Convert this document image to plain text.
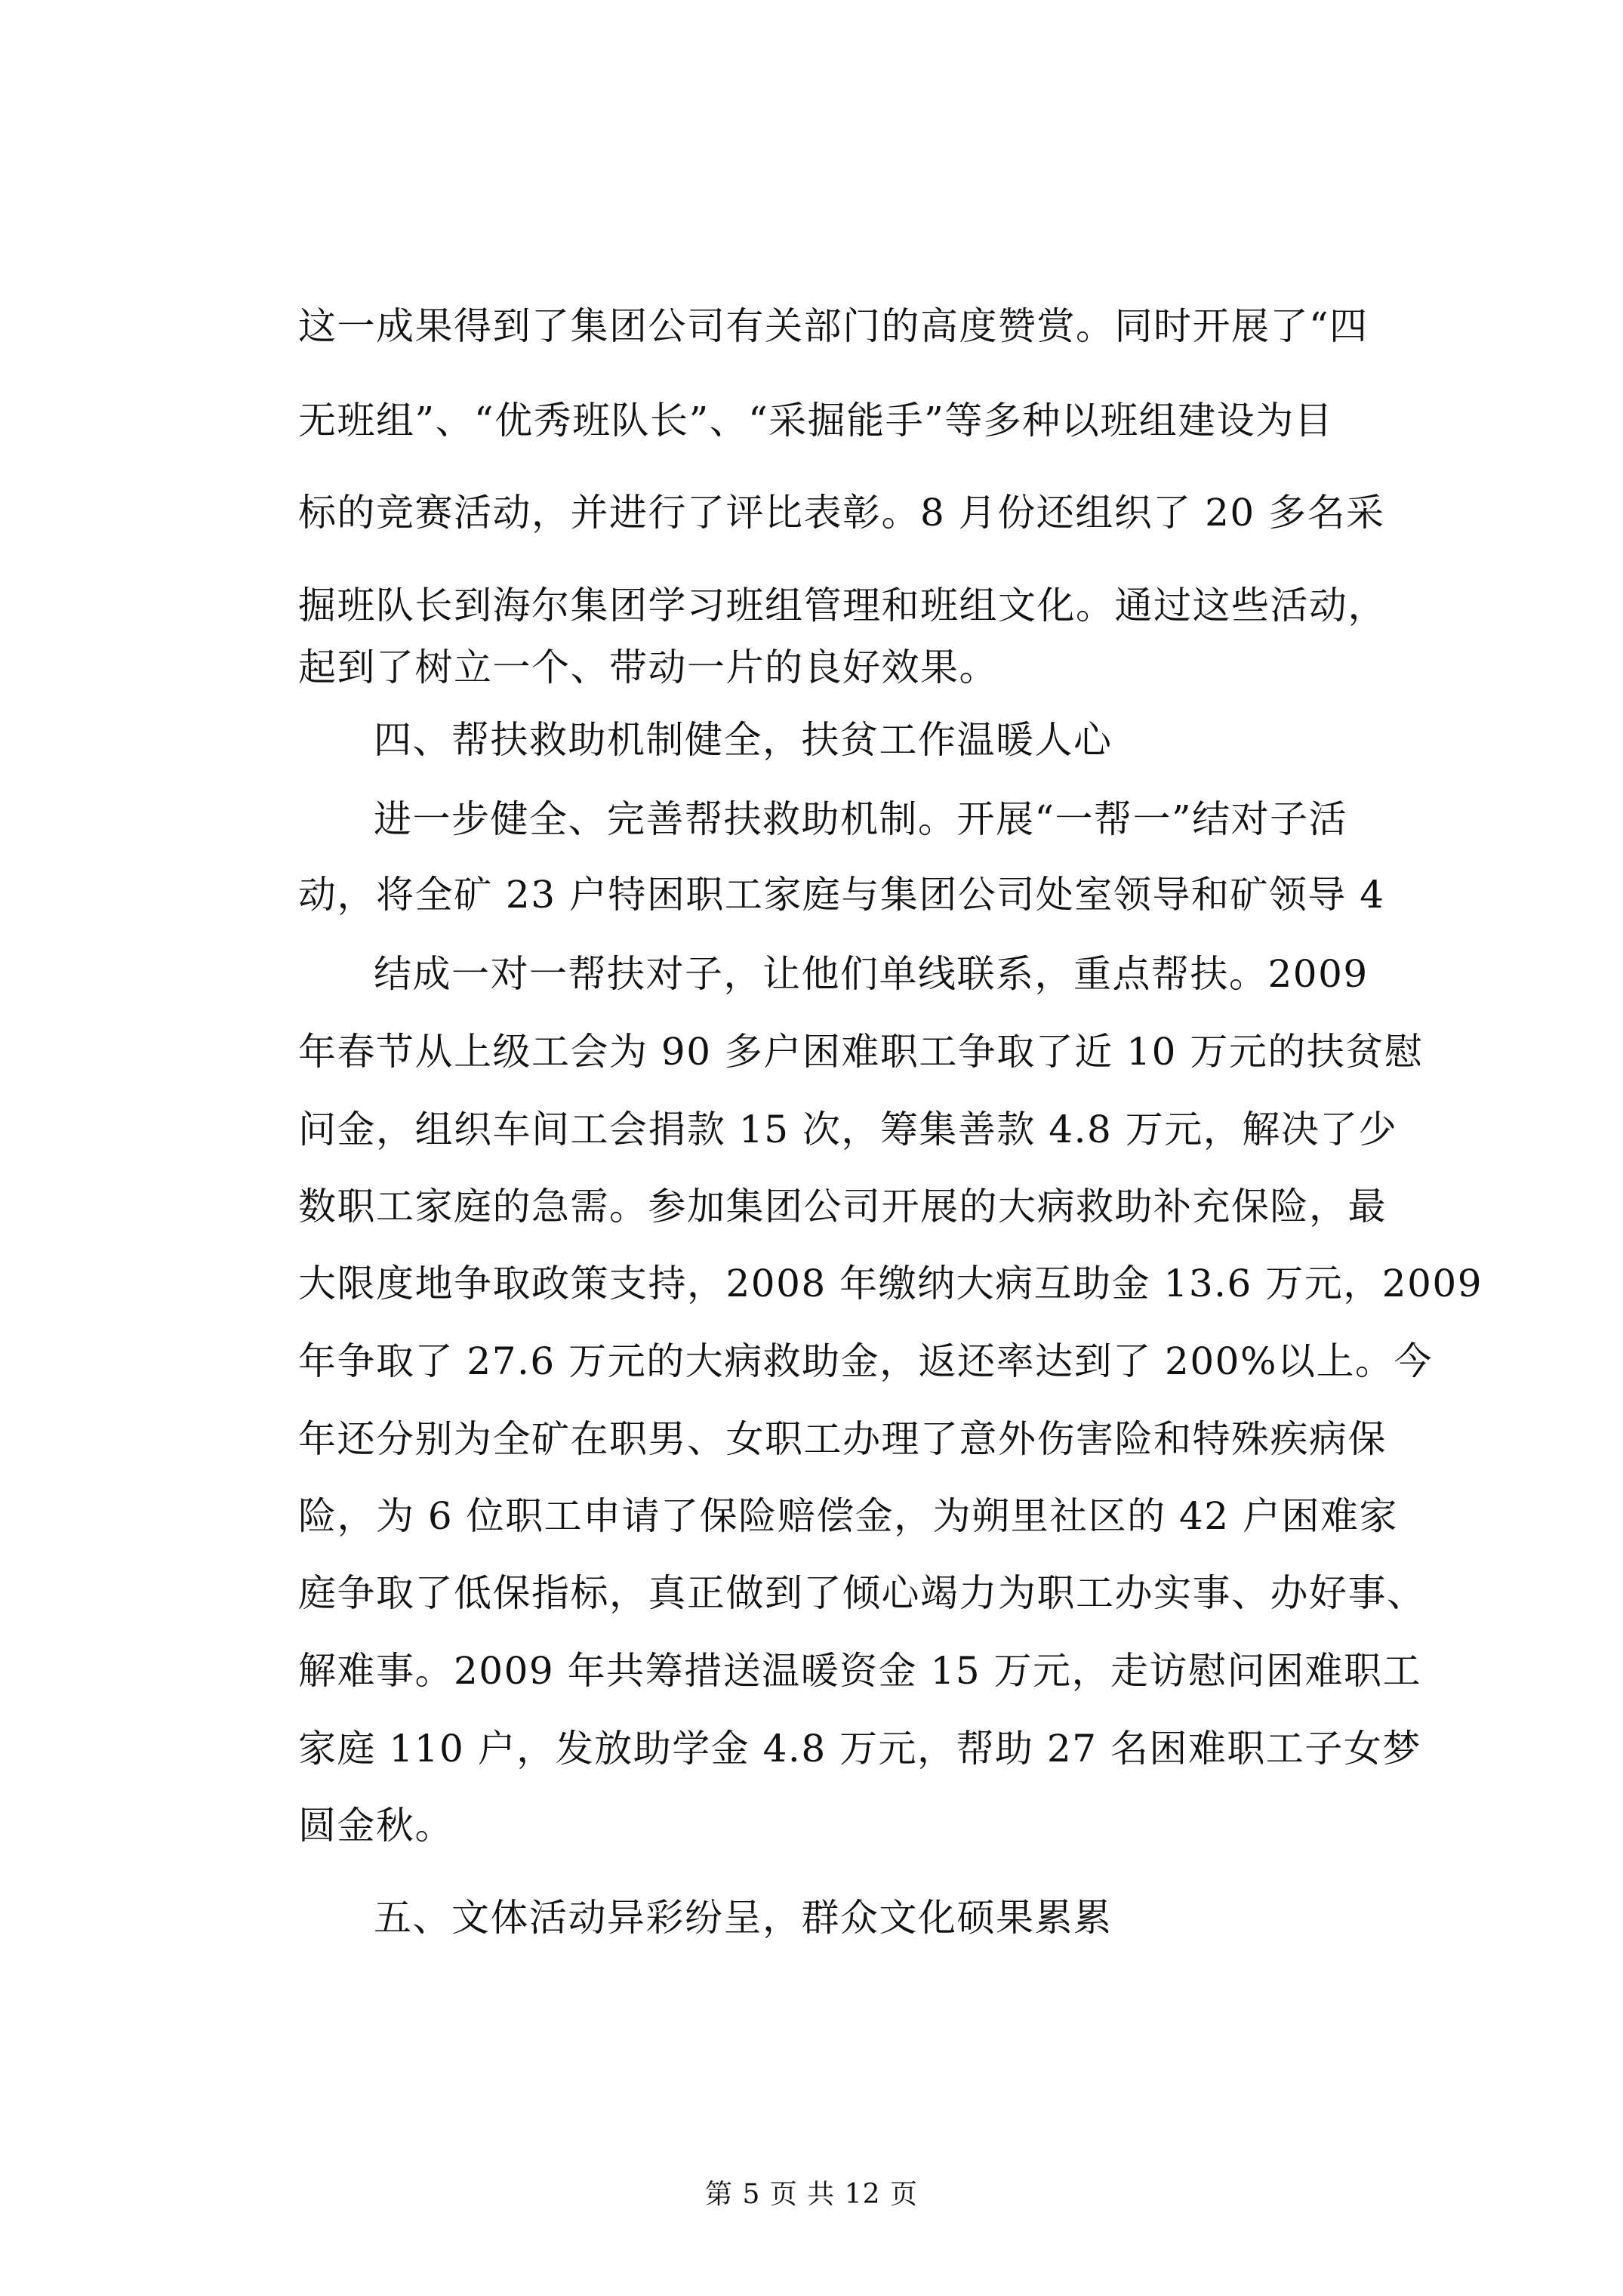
这一成果得到了集团公司有关部门的高度赞赏。同时开展了“四
无班组”、“优秀班队长”、“采掘能手”等多种以班组建设为目
标的竞赛活动，并进行了评比表彰。8 月份还组织了 20 多名采
掘班队长到海尔集团学习班组管理和班组文化。通过这些活动，
起到了树立一个、带动一片的良好效果。
四、帮扶救助机制健全，扶贫工作温暖人心
进一步健全、完善帮扶救助机制。开展“一帮一”结对子活
动，将全矿 23 户特困职工家庭与集团公司处室领导和矿领导 4
结成一对一帮扶对子，让他们单线联系，重点帮扶。2009
年春节从上级工会为 90 多户困难职工争取了近 10 万元的扶贫慰
问金，组织车间工会捐款 15 次，筹集善款 4.8 万元，解决了少
数职工家庭的急需。参加集团公司开展的大病救助补充保险，最
大限度地争取政策支持，2008 年缴纳大病互助金 13.6 万元，2009
年争取了 27.6 万元的大病救助金，返还率达到了 200%以上。今
年还分别为全矿在职男、女职工办理了意外伤害险和特殊疾病保
险，为 6 位职工申请了保险赔偿金，为朔里社区的 42 户困难家
庭争取了低保指标，真正做到了倾心竭力为职工办实事、办好事、
解难事。2009 年共筹措送温暖资金 15 万元，走访慰问困难职工
家庭 110 户，发放助学金 4.8 万元，帮助 27 名困难职工子女梦
圆金秋。
五、文体活动异彩纷呈，群众文化硕果累累
第 5 页 共 12 页
